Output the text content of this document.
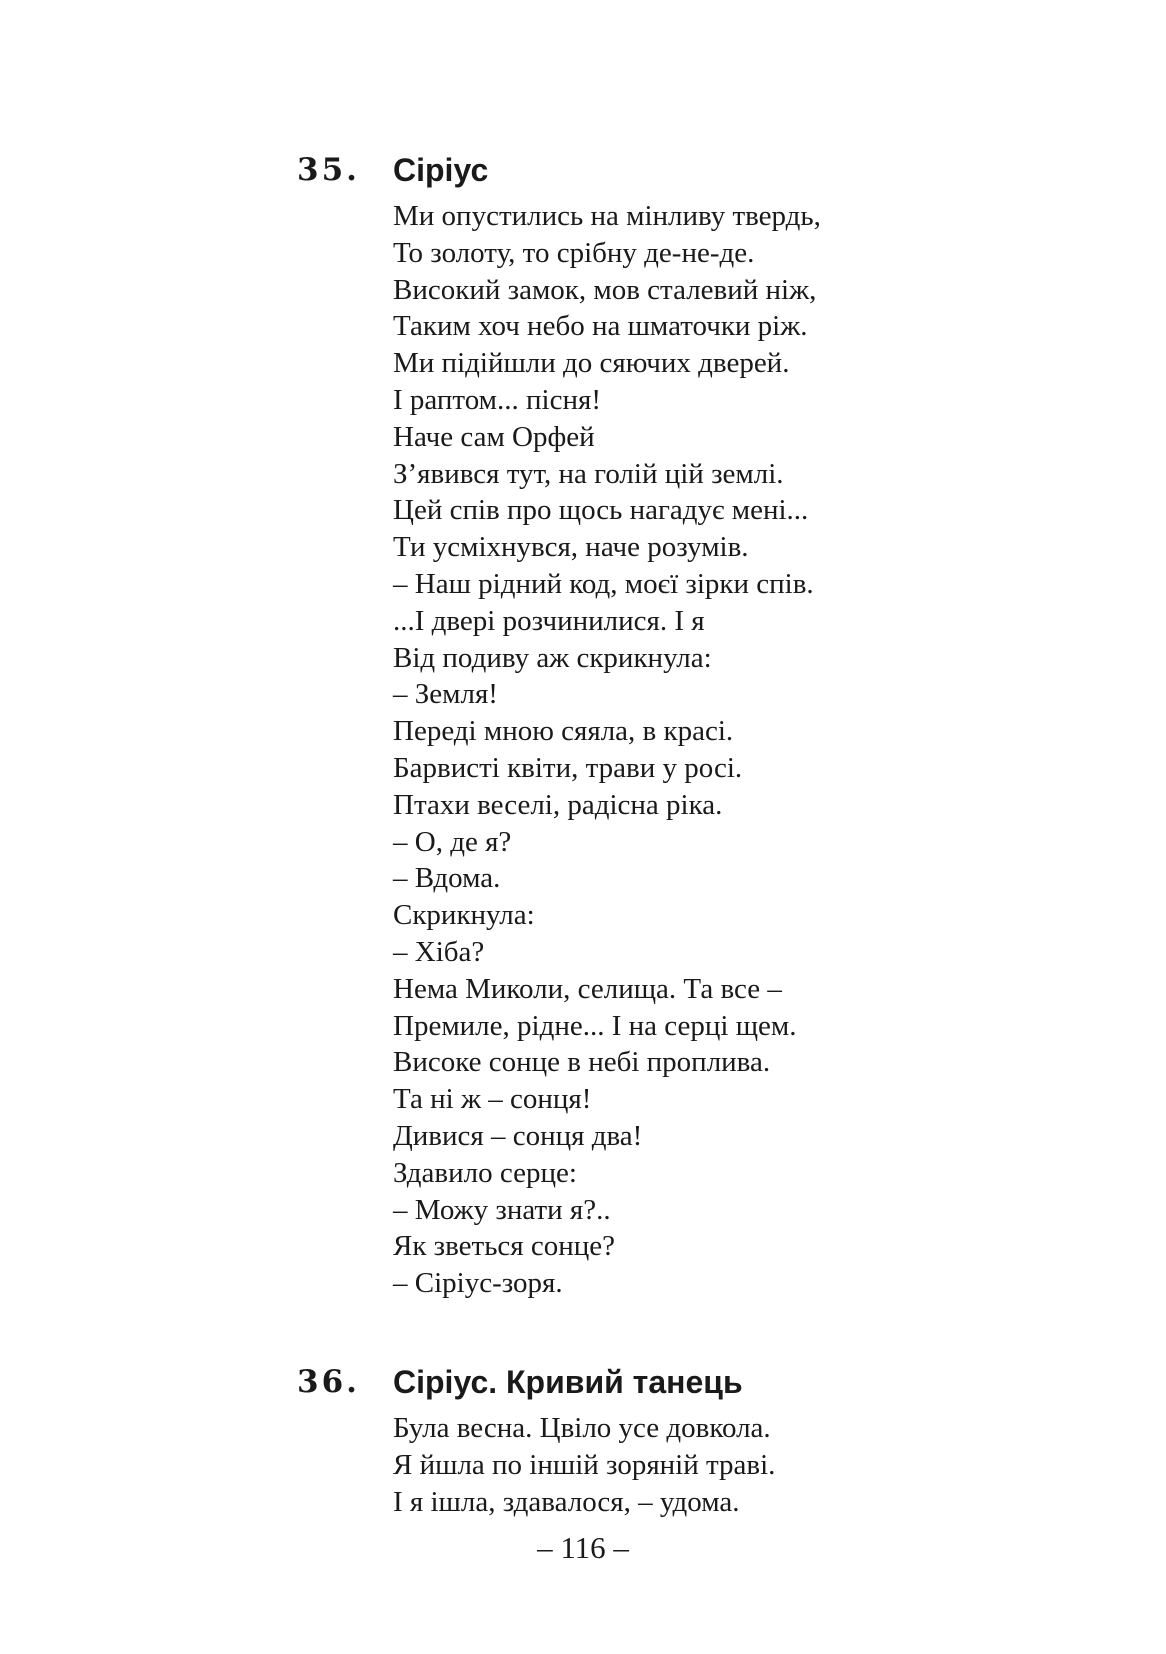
35. Сіріус
Ми опустились на мінливу твердь,
То золоту, то срібну де-не-де.
Високий замок, мов сталевий ніж,
Таким хоч небо на шматочки ріж.
Ми підійшли до сяючих дверей.
І раптом... пісня!
Наче сам Орфей
З’явився тут, на голій цій землі.
Цей спів про щось нагадує мені...
Ти усміхнувся, наче розумів.
– Наш рідний код, моєї зірки спів.
...І двері розчинилися. І я
Від подиву аж скрикнула:
– Земля!
Переді мною сяяла, в красі.
Барвисті квіти, трави у росі.
Птахи веселі, радісна ріка.
– О, де я?
– Вдома.
Скрикнула:
– Хіба?
Нема Миколи, селища. Та все –
Премиле, рідне... І на серці щем.
Високе сонце в небі проплива.
Та ні ж – сонця!
Дивися – сонця два!
Здавило серце:
– Можу знати я?..
Як зветься сонце?
– Сіріус-зоря.
36. Сіріус. Кривий танець
Була весна. Цвіло усе довкола.
Я йшла по іншій зоряній траві.
І я ішла, здавалося, – удома.
– 116 –
